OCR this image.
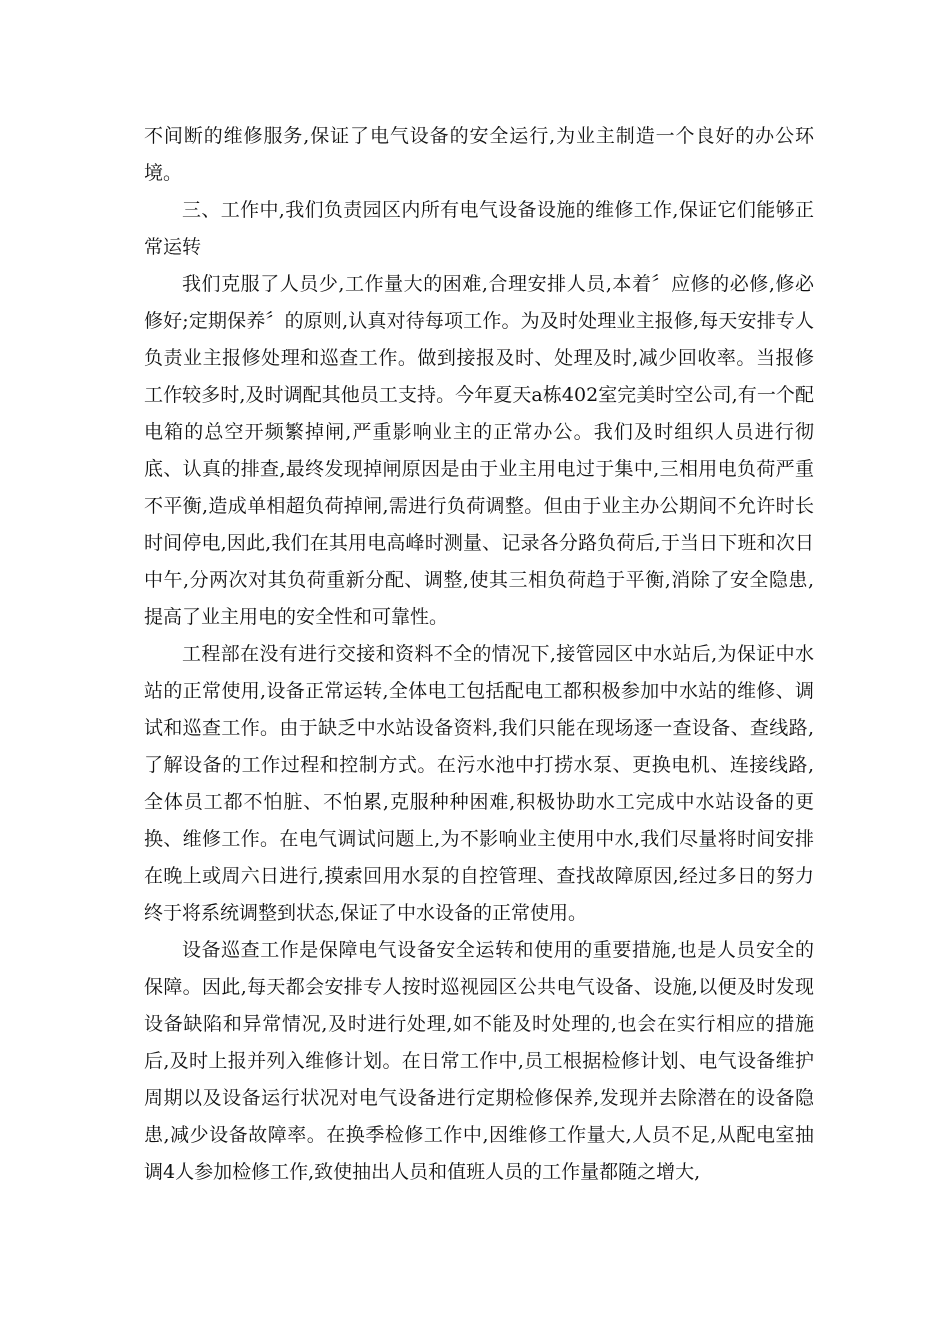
不间断的维修服务,保证了电气设备的安全运行,为业主制造一个良好的办公环境。

三、工作中,我们负责园区内所有电气设备设施的维修工作,保证它们能够正常运转

我们克服了人员少,工作量大的困难,合理安排人员,本着〞应修的必修,修必修好;定期保养〞的原则,认真对待每项工作。为及时处理业主报修,每天安排专人负责业主报修处理和巡查工作。做到接报及时、处理及时,减少回收率。当报修工作较多时,及时调配其他员工支持。今年夏天a栋402室完美时空公司,有一个配电箱的总空开频繁掉闸,严重影响业主的正常办公。我们及时组织人员进行彻底、认真的排查,最终发现掉闸原因是由于业主用电过于集中,三相用电负荷严重不平衡,造成单相超负荷掉闸,需进行负荷调整。但由于业主办公期间不允许时长时间停电,因此,我们在其用电高峰时测量、记录各分路负荷后,于当日下班和次日中午,分两次对其负荷重新分配、调整,使其三相负荷趋于平衡,消除了安全隐患,提高了业主用电的安全性和可靠性。

工程部在没有进行交接和资料不全的情况下,接管园区中水站后,为保证中水站的正常使用,设备正常运转,全体电工包括配电工都积极参加中水站的维修、调试和巡查工作。由于缺乏中水站设备资料,我们只能在现场逐一查设备、查线路,了解设备的工作过程和控制方式。在污水池中打捞水泵、更换电机、连接线路,全体员工都不怕脏、不怕累,克服种种困难,积极协助水工完成中水站设备的更换、维修工作。在电气调试问题上,为不影响业主使用中水,我们尽量将时间安排在晚上或周六日进行,摸索回用水泵的自控管理、查找故障原因,经过多日的努力终于将系统调整到状态,保证了中水设备的正常使用。

设备巡查工作是保障电气设备安全运转和使用的重要措施,也是人员安全的保障。因此,每天都会安排专人按时巡视园区公共电气设备、设施,以便及时发现设备缺陷和异常情况,及时进行处理,如不能及时处理的,也会在实行相应的措施后,及时上报并列入维修计划。在日常工作中,员工根据检修计划、电气设备维护周期以及设备运行状况对电气设备进行定期检修保养,发现并去除潜在的设备隐患,减少设备故障率。在换季检修工作中,因维修工作量大,人员不足,从配电室抽调4人参加检修工作,致使抽出人员和值班人员的工作量都随之增大,
